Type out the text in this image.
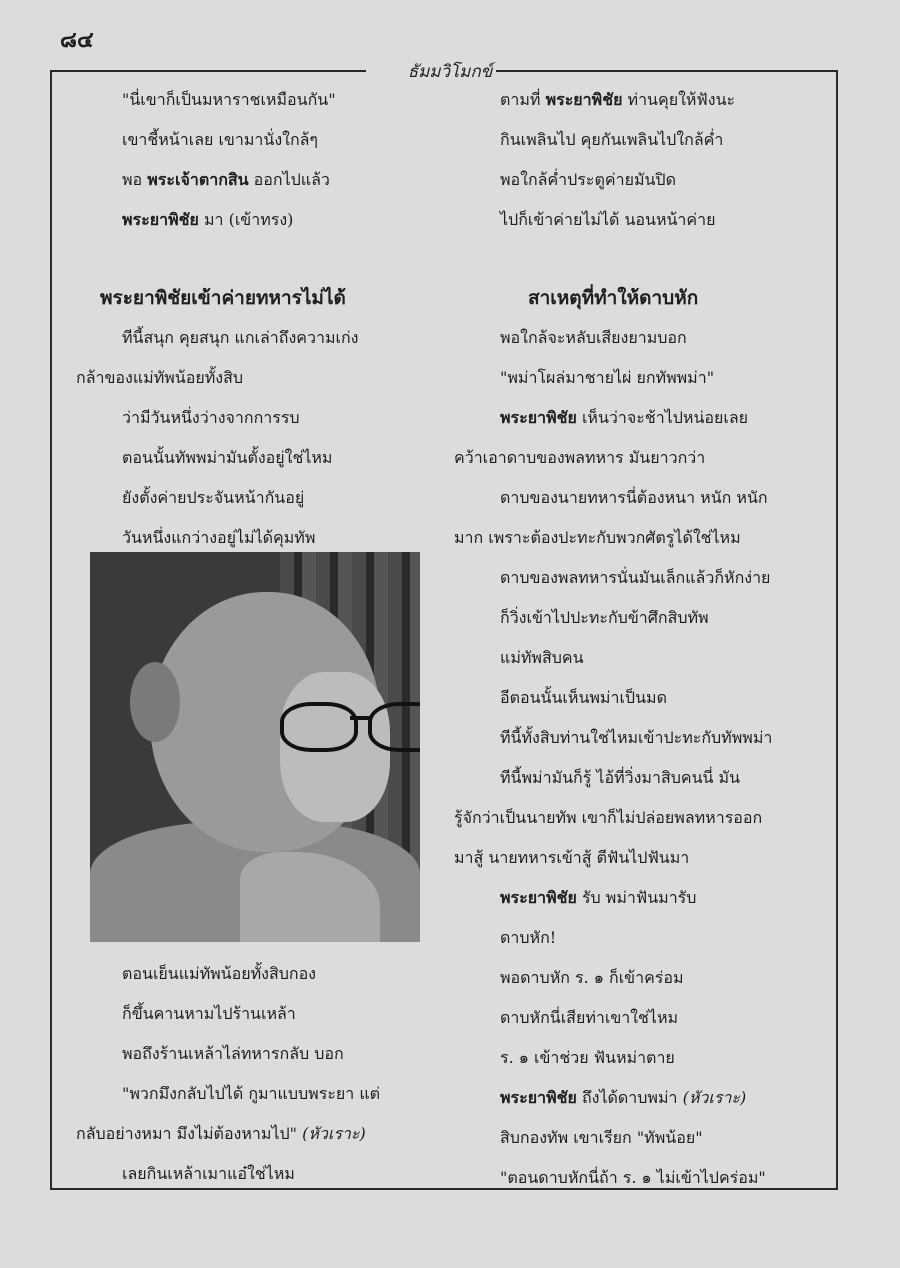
๘๔
ธัมมวิโมกข์
"นี่เขาก็เป็นมหาราชเหมือนกัน"
เขาชี้หน้าเลย เขามานั่งใกล้ๆ
พอ พระเจ้าตากสิน ออกไปแล้ว
พระยาพิชัย มา (เข้าทรง)
พระยาพิชัยเข้าค่ายทหารไม่ได้
ทีนี้สนุก คุยสนุก แกเล่าถึงความเก่ง
กล้าของแม่ทัพน้อยทั้งสิบ
ว่ามีวันหนึ่งว่างจากการรบ
ตอนนั้นทัพพม่ามันตั้งอยู่ใช่ไหม
ยังตั้งค่ายประจันหน้ากันอยู่
วันหนึ่งแกว่างอยู่ไม่ได้คุมทัพ
ตอนเย็นแม่ทัพน้อยทั้งสิบกอง
ก็ขึ้นคานหามไปร้านเหล้า
พอถึงร้านเหล้าไล่ทหารกลับ บอก
"พวกมึงกลับไปได้ กูมาแบบพระยา แต่
กลับอย่างหมา มึงไม่ต้องหามไป" (หัวเราะ)
เลยกินเหล้าเมาแอ๋ใช่ไหม
ตามที่ พระยาพิชัย ท่านคุยให้ฟังนะ
กินเพลินไป คุยกันเพลินไปใกล้ค่ำ
พอใกล้ค่ำประตูค่ายมันปิด
ไปก็เข้าค่ายไม่ได้ นอนหน้าค่าย
สาเหตุที่ทำให้ดาบหัก
พอใกล้จะหลับเสียงยามบอก
"พม่าโผล่มาชายไผ่ ยกทัพพม่า"
พระยาพิชัย เห็นว่าจะช้าไปหน่อยเลย
คว้าเอาดาบของพลทหาร มันยาวกว่า
ดาบของนายทหารนี่ต้องหนา หนัก หนัก
มาก เพราะต้องปะทะกับพวกศัตรูได้ใช่ไหม
ดาบของพลทหารนั่นมันเล็กแล้วก็หักง่าย
ก็วิ่งเข้าไปปะทะกับข้าศึกสิบทัพ
แม่ทัพสิบคน
อีตอนนั้นเห็นพม่าเป็นมด
ทีนี้ทั้งสิบท่านใช่ไหมเข้าปะทะกับทัพพม่า
ทีนี้พม่ามันก็รู้ ไอ้ที่วิ่งมาสิบคนนี่ มัน
รู้จักว่าเป็นนายทัพ เขาก็ไม่ปล่อยพลทหารออก
มาสู้ นายทหารเข้าสู้ ตีฟันไปฟันมา
พระยาพิชัย รับ พม่าฟันมารับ
ดาบหัก!
พอดาบหัก ร. ๑ ก็เข้าคร่อม
ดาบหักนี่เสียท่าเขาใช่ไหม
ร. ๑ เข้าช่วย ฟันหม่าตาย
พระยาพิชัย ถึงได้ดาบพม่า (หัวเราะ)
สิบกองทัพ เขาเรียก "ทัพน้อย"
"ตอนดาบหักนี่ถ้า ร. ๑ ไม่เข้าไปคร่อม"
